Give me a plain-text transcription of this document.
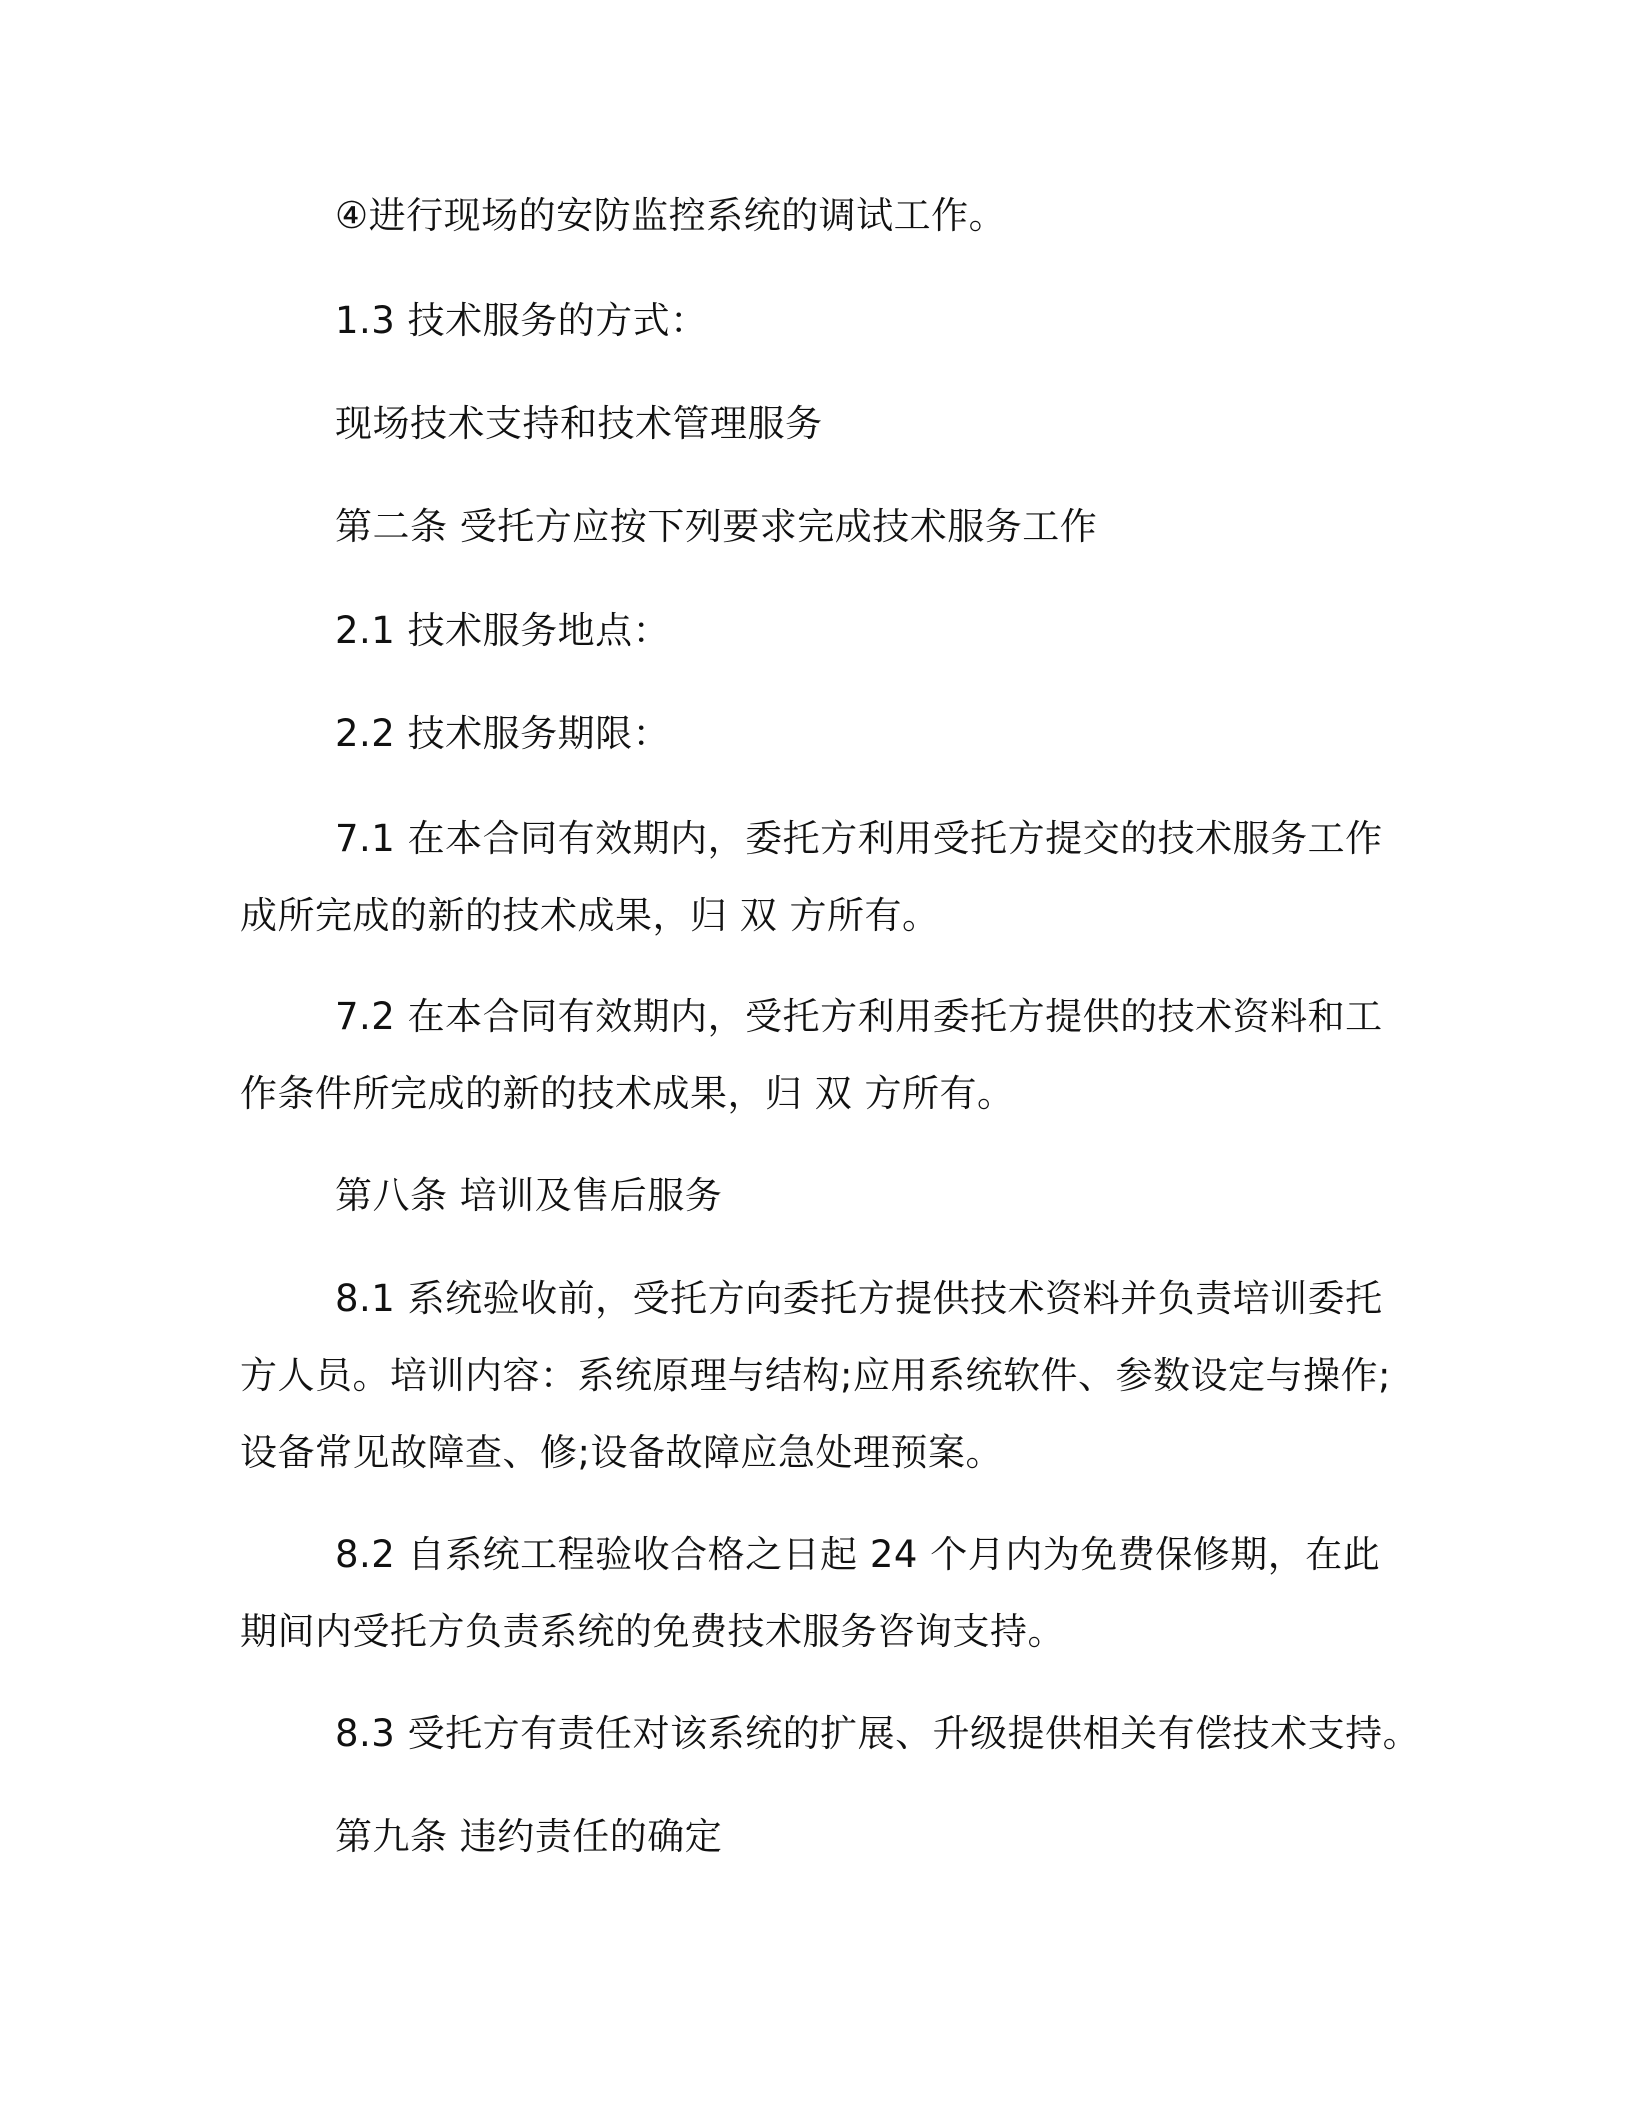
④进行现场的安防监控系统的调试工作。
1.3 技术服务的方式：
现场技术支持和技术管理服务
第二条 受托方应按下列要求完成技术服务工作
2.1 技术服务地点：
2.2 技术服务期限：
7.1 在本合同有效期内，委托方利用受托方提交的技术服务工作
成所完成的新的技术成果，归 双 方所有。
7.2 在本合同有效期内，受托方利用委托方提供的技术资料和工
作条件所完成的新的技术成果，归 双 方所有。
第八条 培训及售后服务
8.1 系统验收前，受托方向委托方提供技术资料并负责培训委托
方人员。培训内容：系统原理与结构;应用系统软件、参数设定与操作;
设备常见故障查、修;设备故障应急处理预案。
8.2 自系统工程验收合格之日起 24 个月内为免费保修期，在此
期间内受托方负责系统的免费技术服务咨询支持。
8.3 受托方有责任对该系统的扩展、升级提供相关有偿技术支持。
第九条 违约责任的确定
